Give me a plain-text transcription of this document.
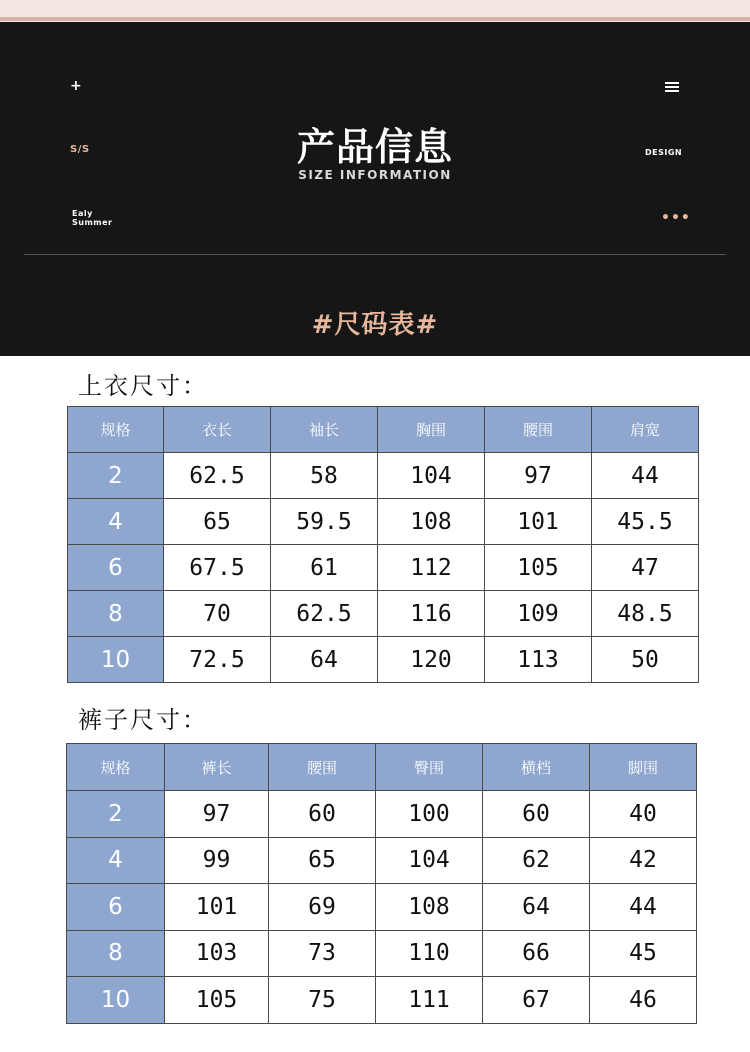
+
S/S
Ealy
Summer
DESIGN
•••
产品信息
SIZE INFORMATION
#尺码表#
上衣尺寸：
规格	衣长	袖长	胸围	腰围	肩宽
2	62.5	58	104	97	44
4	65	59.5	108	101	45.5
6	67.5	61	112	105	47
8	70	62.5	116	109	48.5
10	72.5	64	120	113	50
裤子尺寸：
规格	裤长	腰围	臀围	横档	脚围
2	97	60	100	60	40
4	99	65	104	62	42
6	101	69	108	64	44
8	103	73	110	66	45
10	105	75	111	67	46
